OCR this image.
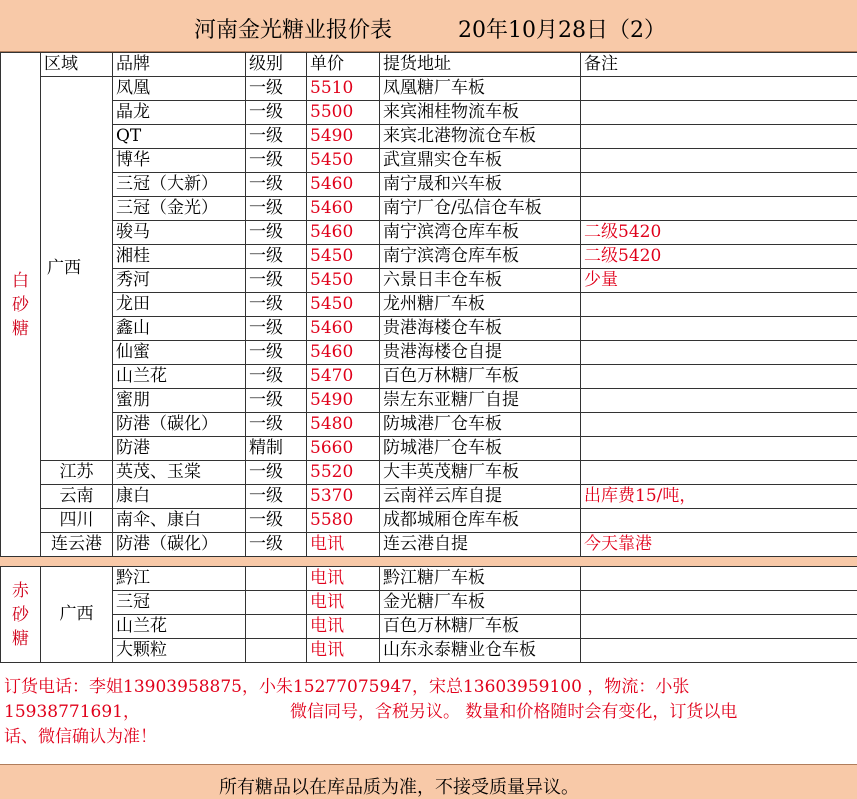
河南金光糖业报价表	20年10月28日（2）
白
砂
糖	区域	品牌	级别	单价	提货地址	备注
	广西	凤凰	一级	5510	凤凰糖厂车板	
		晶龙	一级	5500	来宾湘桂物流车板	
		QT	一级	5490	来宾北港物流仓车板	
		博华	一级	5450	武宣鼎实仓车板	
		三冠（大新）	一级	5460	南宁晟和兴车板	
		三冠（金光）	一级	5460	南宁厂仓/弘信仓车板	
		骏马	一级	5460	南宁滨湾仓库车板	二级5420
		湘桂	一级	5450	南宁滨湾仓库车板	二级5420
		秀河	一级	5450	六景日丰仓车板	少量
		龙田	一级	5450	龙州糖厂车板	
		鑫山	一级	5460	贵港海楼仓车板	
		仙蜜	一级	5460	贵港海楼仓自提	
		山兰花	一级	5470	百色万林糖厂车板	
		蜜朋	一级	5490	崇左东亚糖厂自提	
		防港（碳化）	一级	5480	防城港厂仓车板	
		防港	精制	5660	防城港厂仓车板	
	江苏	英茂、玉棠	一级	5520	大丰英茂糖厂车板	
	云南	康白	一级	5370	云南祥云库自提	出库费15/吨，
	四川	南伞、康白	一级	5580	成都城厢仓库车板	
	连云港	防港（碳化）	一级	电讯	连云港自提	今天靠港
赤
砂
糖	广西	黔江		电讯	黔江糖厂车板	
		三冠		电讯	金光糖厂车板	
		山兰花		电讯	百色万林糖厂车板	
		大颗粒		电讯	山东永泰糖业仓车板	
订货电话：李姐13903958875，小朱15277075947，宋总13603959100 ，物流：小张
15938771691，	微信同号，含税另议。 数量和价格随时会有变化，订货以电
话、微信确认为准！
所有糖品以在库品质为准，不接受质量异议。
